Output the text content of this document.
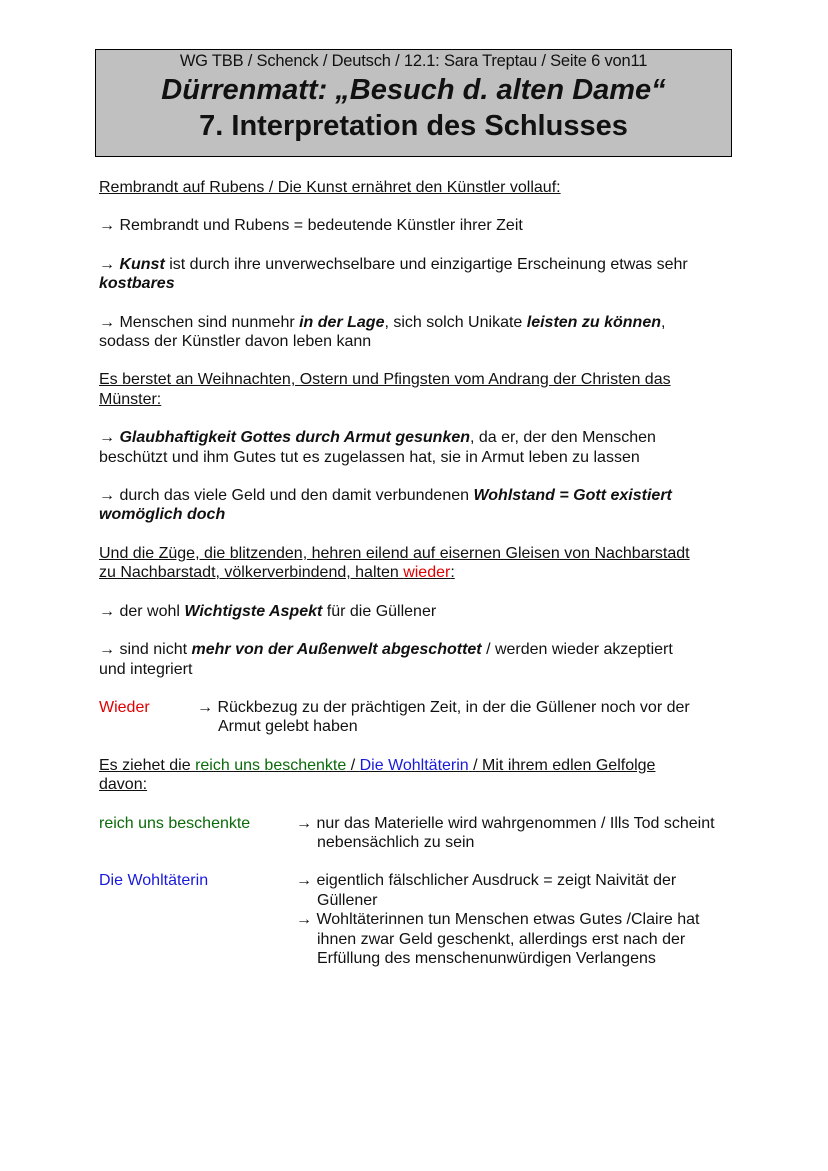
WG TBB / Schenck / Deutsch / 12.1: Sara Treptau / Seite 6 von11
Dürrenmatt: „Besuch d. alten Dame“
7. Interpretation des Schlusses
Rembrandt auf Rubens / Die Kunst ernähret den Künstler vollauf:
→ Rembrandt und Rubens = bedeutende Künstler ihrer Zeit
→ Kunst ist durch ihre unverwechselbare und einzigartige Erscheinung etwas sehr
kostbares
→ Menschen sind nunmehr in der Lage, sich solch Unikate leisten zu können,
sodass der Künstler davon leben kann
Es berstet an Weihnachten, Ostern und Pfingsten vom Andrang der Christen das
Münster:
→ Glaubhaftigkeit Gottes durch Armut gesunken, da er, der den Menschen
beschützt und ihm Gutes tut es zugelassen hat, sie in Armut leben zu lassen
→ durch das viele Geld und den damit verbundenen Wohlstand = Gott existiert
womöglich doch
Und die Züge, die blitzenden, hehren eilend auf eisernen Gleisen von Nachbarstadt
zu Nachbarstadt, völkerverbindend, halten wieder:
→ der wohl Wichtigste Aspekt für die Güllener
→ sind nicht mehr von der Außenwelt abgeschottet / werden wieder akzeptiert
und integriert
Wieder	→ Rückbezug zu der prächtigen Zeit, in der die Güllener noch vor der
Armut gelebt haben
Es ziehet die reich uns beschenkte / Die Wohltäterin / Mit ihrem edlen Gelfolge
davon:
reich uns beschenkte	→ nur das Materielle wird wahrgenommen / Ills Tod scheint nebensächlich zu sein
Die Wohltäterin	→ eigentlich fälschlicher Ausdruck = zeigt Naivität der Güllener
→ Wohltäterinnen tun Menschen etwas Gutes /Claire hat ihnen zwar Geld geschenkt, allerdings erst nach der Erfüllung des menschenunwürdigen Verlangens
